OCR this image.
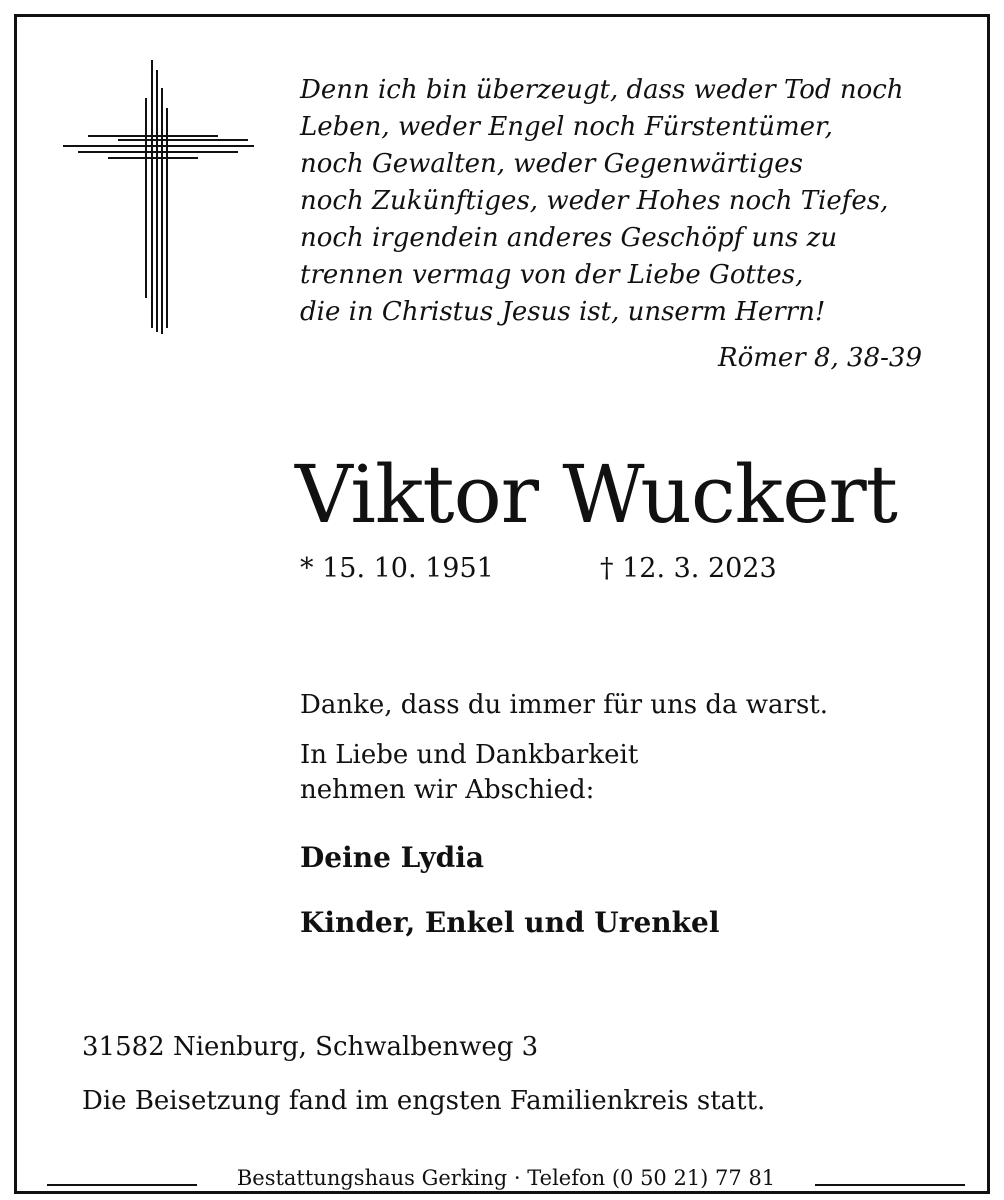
Denn ich bin überzeugt, dass weder Tod noch
Leben, weder Engel noch Fürstentümer,
noch Gewalten, weder Gegenwärtiges
noch Zukünftiges, weder Hohes noch Tiefes,
noch irgendein anderes Geschöpf uns zu
trennen vermag von der Liebe Gottes,
die in Christus Jesus ist, unserm Herrn!
Römer 8, 38-39
Viktor Wuckert
* 15. 10. 1951	† 12. 3. 2023
Danke, dass du immer für uns da warst.
In Liebe und Dankbarkeit
nehmen wir Abschied:
Deine Lydia
Kinder, Enkel und Urenkel
31582 Nienburg, Schwalbenweg 3
Die Beisetzung fand im engsten Familienkreis statt.
Bestattungshaus Gerking · Telefon (0 50 21) 77 81
